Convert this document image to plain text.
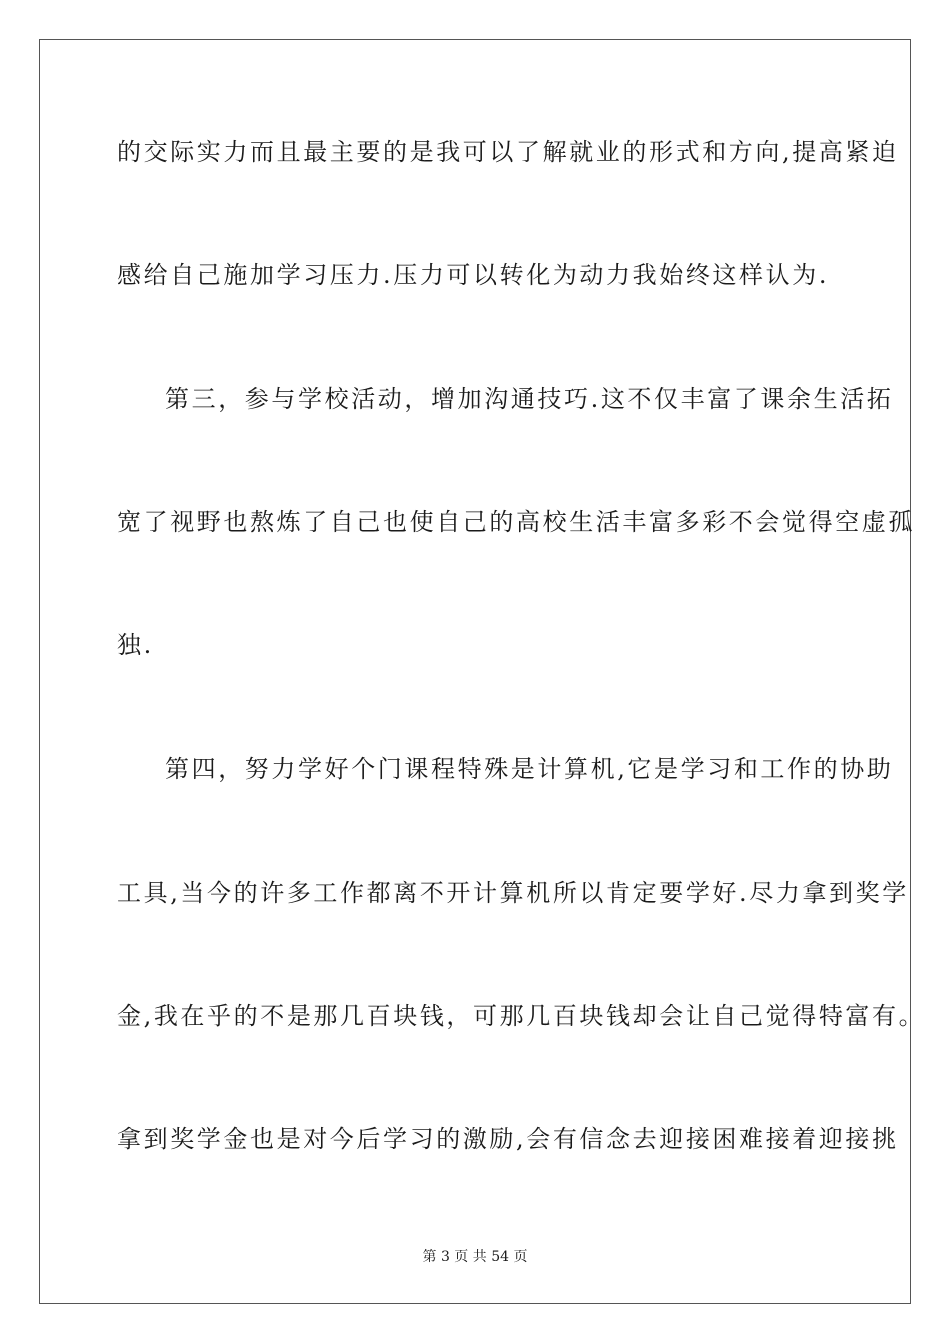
的交际实力而且最主要的是我可以了解就业的形式和方向,提高紧迫
感给自己施加学习压力.压力可以转化为动力我始终这样认为.
第三，参与学校活动，增加沟通技巧.这不仅丰富了课余生活拓
宽了视野也熬炼了自己也使自己的高校生活丰富多彩不会觉得空虚孤
独.
第四，努力学好个门课程特殊是计算机,它是学习和工作的协助
工具,当今的许多工作都离不开计算机所以肯定要学好.尽力拿到奖学
金,我在乎的不是那几百块钱，可那几百块钱却会让自己觉得特富有。
拿到奖学金也是对今后学习的激励,会有信念去迎接困难接着迎接挑
第 3 页 共 54 页
